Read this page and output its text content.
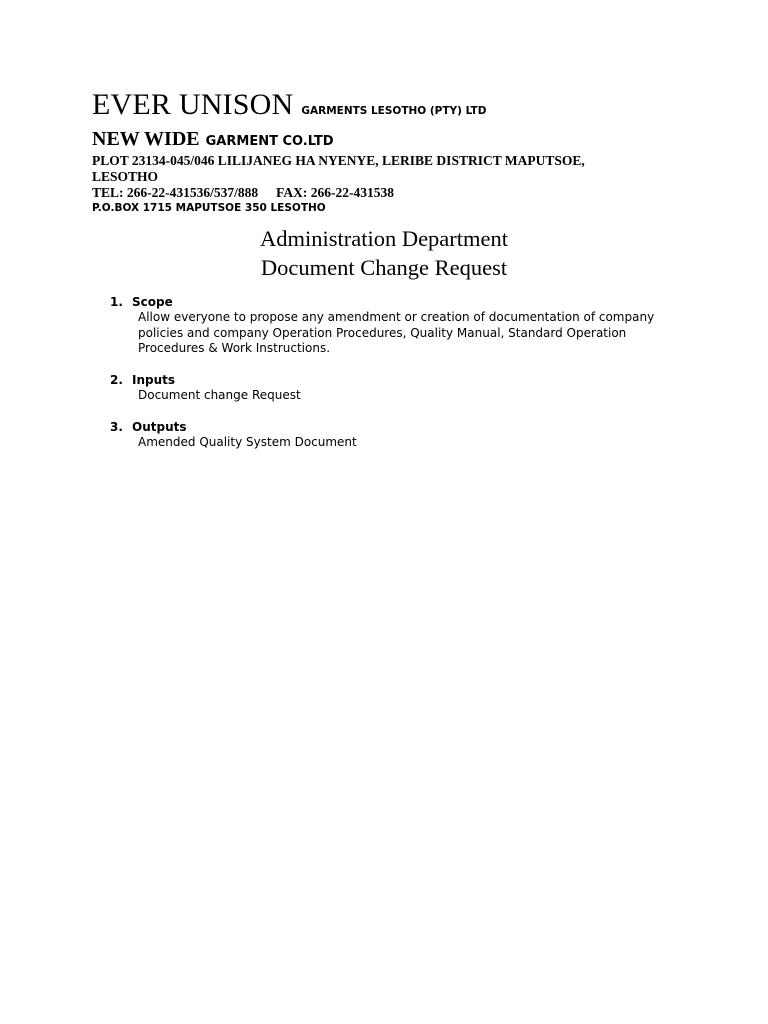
EVER UNISON GARMENTS LESOTHO (PTY) LTD
NEW WIDE GARMENT CO.LTD
PLOT 23134-045/046 LILIJANEG HA NYENYE, LERIBE DISTRICT MAPUTSOE, LESOTHO
TEL: 266-22-431536/537/888 FAX: 266-22-431538
P.O.BOX 1715 MAPUTSOE 350 LESOTHO
Administration Department
Document Change Request
1. Scope
Allow everyone to propose any amendment or creation of documentation of company policies and company Operation Procedures, Quality Manual, Standard Operation Procedures & Work Instructions.
2. Inputs
Document change Request
3. Outputs
Amended Quality System Document
